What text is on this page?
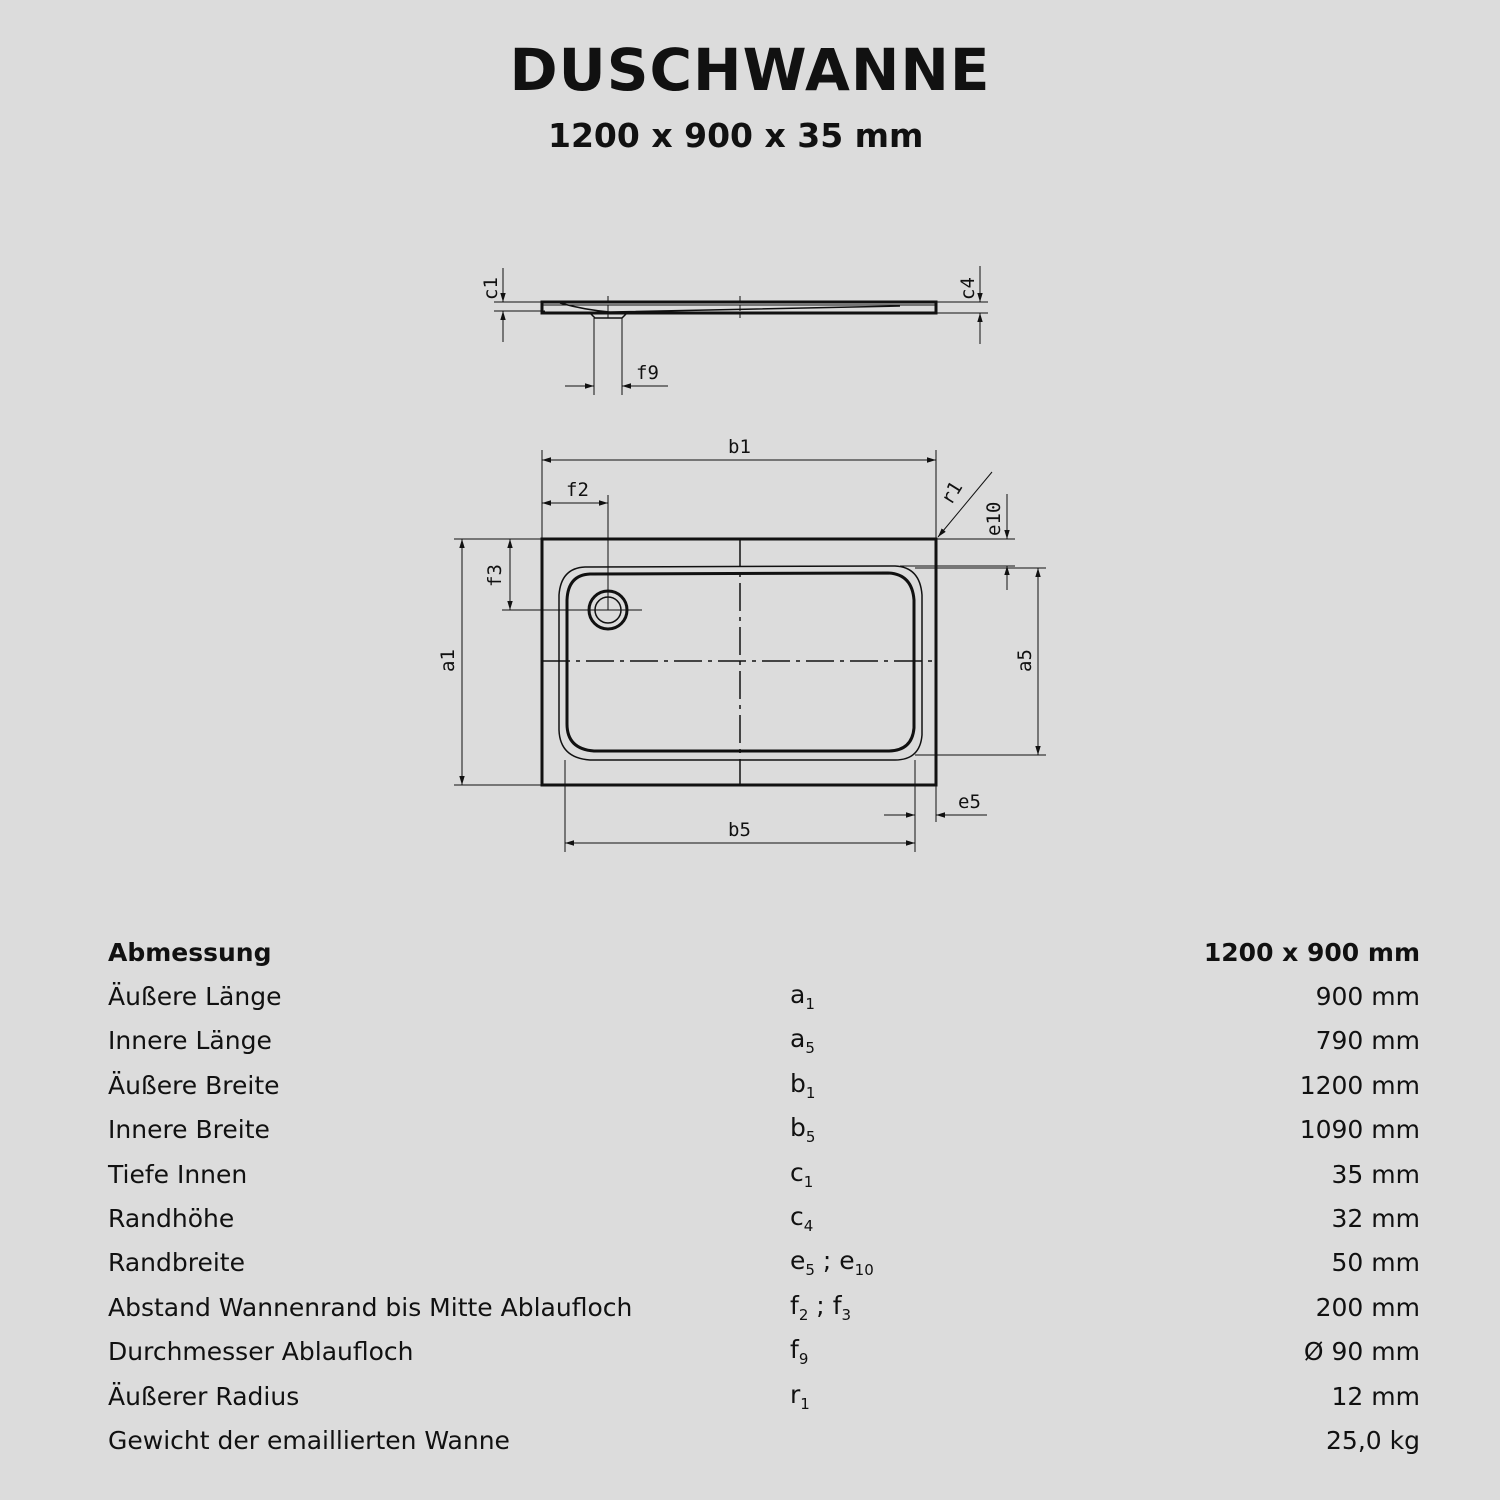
DUSCHWANNE
1200 x 900 x 35 mm
c1	c4
f9
b1
f2	r1
e10
f3
a1	a5
e5
b5
Abmessung		1200 x 900 mm
Äußere Länge	$a_1$	900 mm
Innere Länge	$a_5$	790 mm
Äußere Breite	$b_1$	1200 mm
Innere Breite	$b_5$	1090 mm
Tiefe Innen	$c_1$	35 mm
Randhöhe	$c_4$	32 mm
Randbreite	$e_5$ ; $e_{10}$	50 mm
Abstand Wannenrand bis Mitte Ablaufloch	$f_2$ ; $f_3$	200 mm
Durchmesser Ablaufloch	$f_9$	Ø 90 mm
Äußerer Radius	$r_1$	12 mm
Gewicht der emaillierten Wanne		25,0 kg
